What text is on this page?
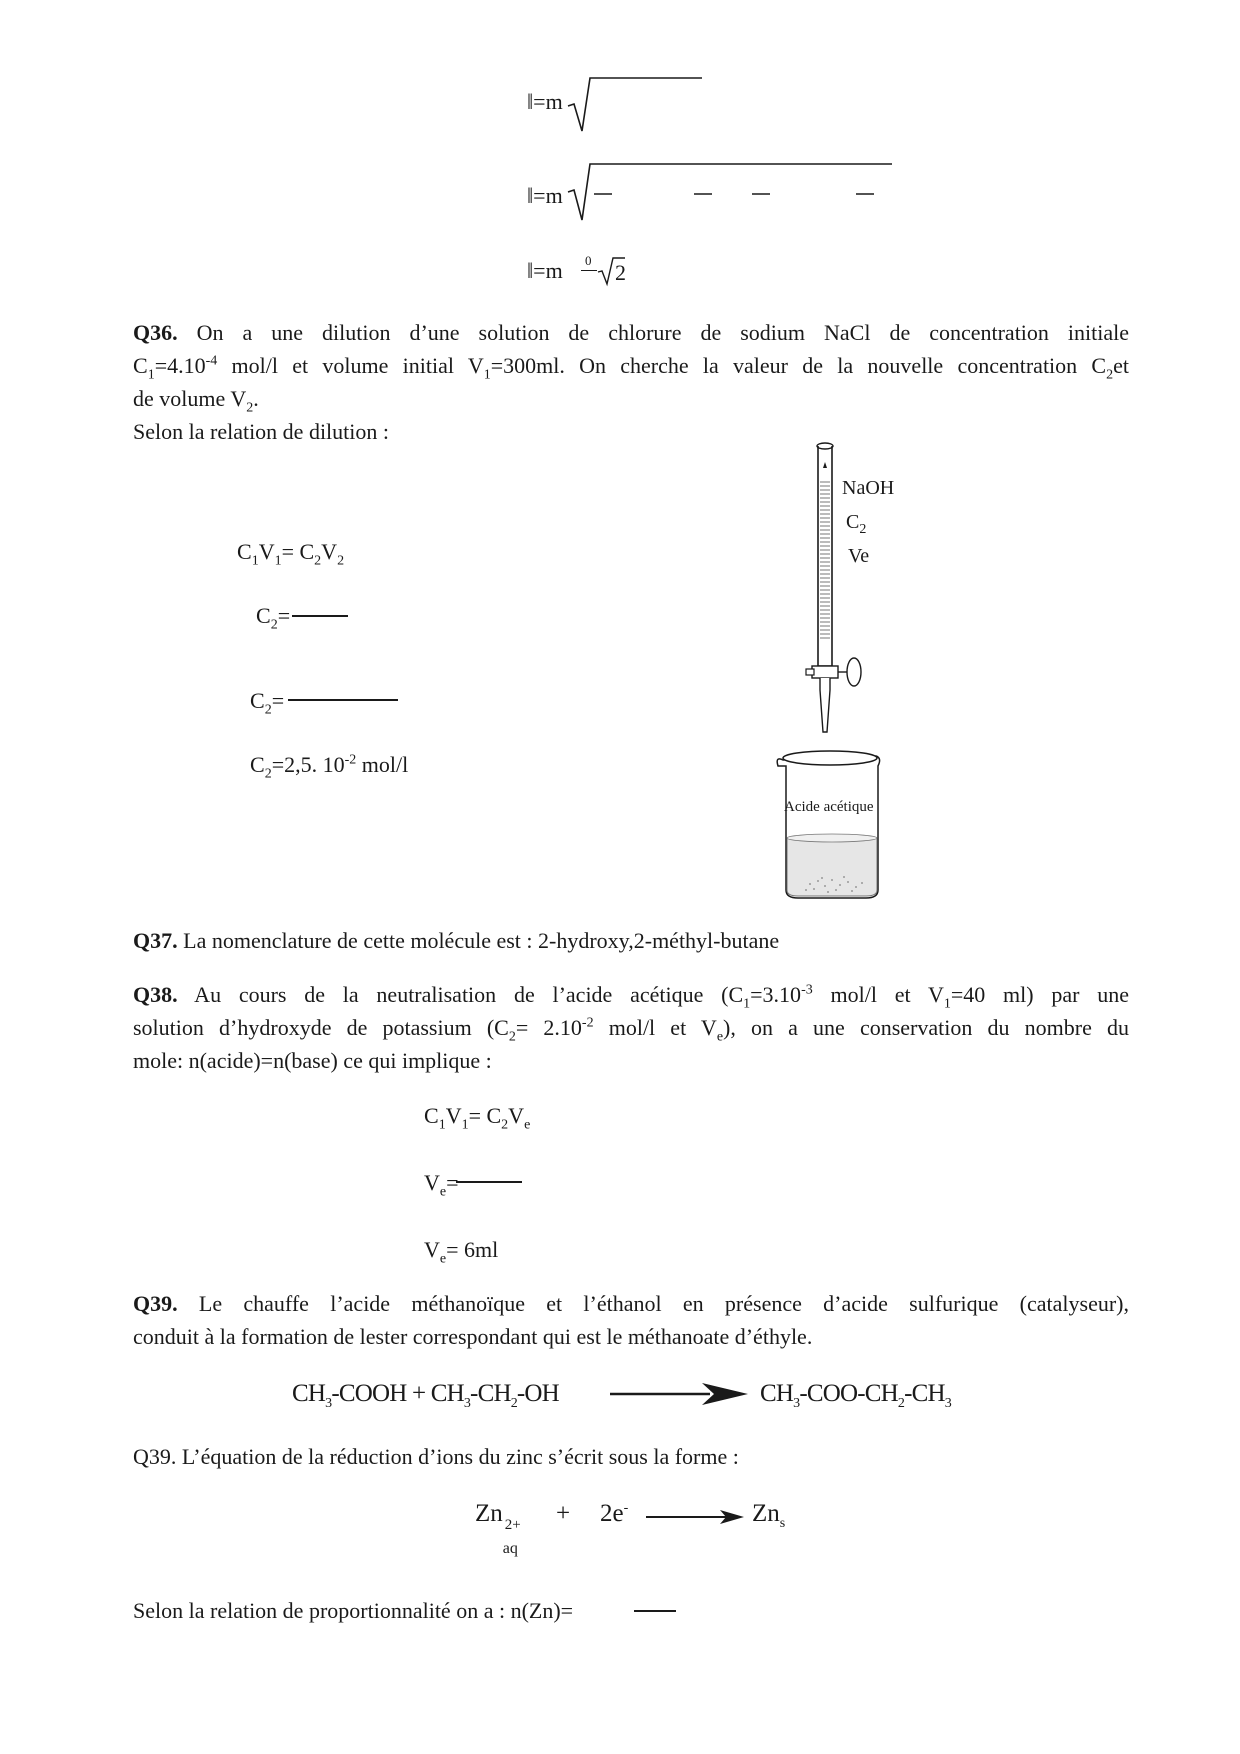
‖=m
‖=m
‖=m 0 2
Q36. On a une dilution d’une solution de chlorure de sodium NaCl de concentration initiale
$C_1=4.10^{-4}$ mol/l et volume initial $V_1=300ml$. On cherche la valeur de la nouvelle concentration $C_2et$
de volume $V_2$.
Selon la relation de dilution :
$C_1V_1= C_2V_2$
$C_2=$
$C_2=$
$C_2=2,5$. $10^{-2}$ mol/l
NaOH
$C_2$
Ve
Acide acétique
Q37. La nomenclature de cette molécule est : 2-hydroxy,2-méthyl-butane
Q38. Au cours de la neutralisation de l’acide acétique ($C_1=3.10^{-3}$ mol/l et $V_1=40$ ml) par une
solution d’hydroxyde de potassium ($C_2= 2.10^{-2}$ mol/l et $V_e$), on a une conservation du nombre du
mole: n(acide)=n(base) ce qui implique :
$C_1V_1= C_2V_e$
$V_e=$
$V_e= 6ml$
Q39. Le chauffe l’acide méthanoïque et l’éthanol en présence d’acide sulfurique (catalyseur),
conduit à la formation de lester correspondant qui est le méthanoate d’éthyle.
$CH_3$-COOH + $CH_3-CH_2-OH$	$CH_3-COO-CH_2-CH_3$
Q39. L’équation de la réduction d’ions du zinc s’écrit sous la forme :
Zn 2+
aq
+ 2e-	$Zn_s$
Selon la relation de proportionnalité on a : n(Zn)=
